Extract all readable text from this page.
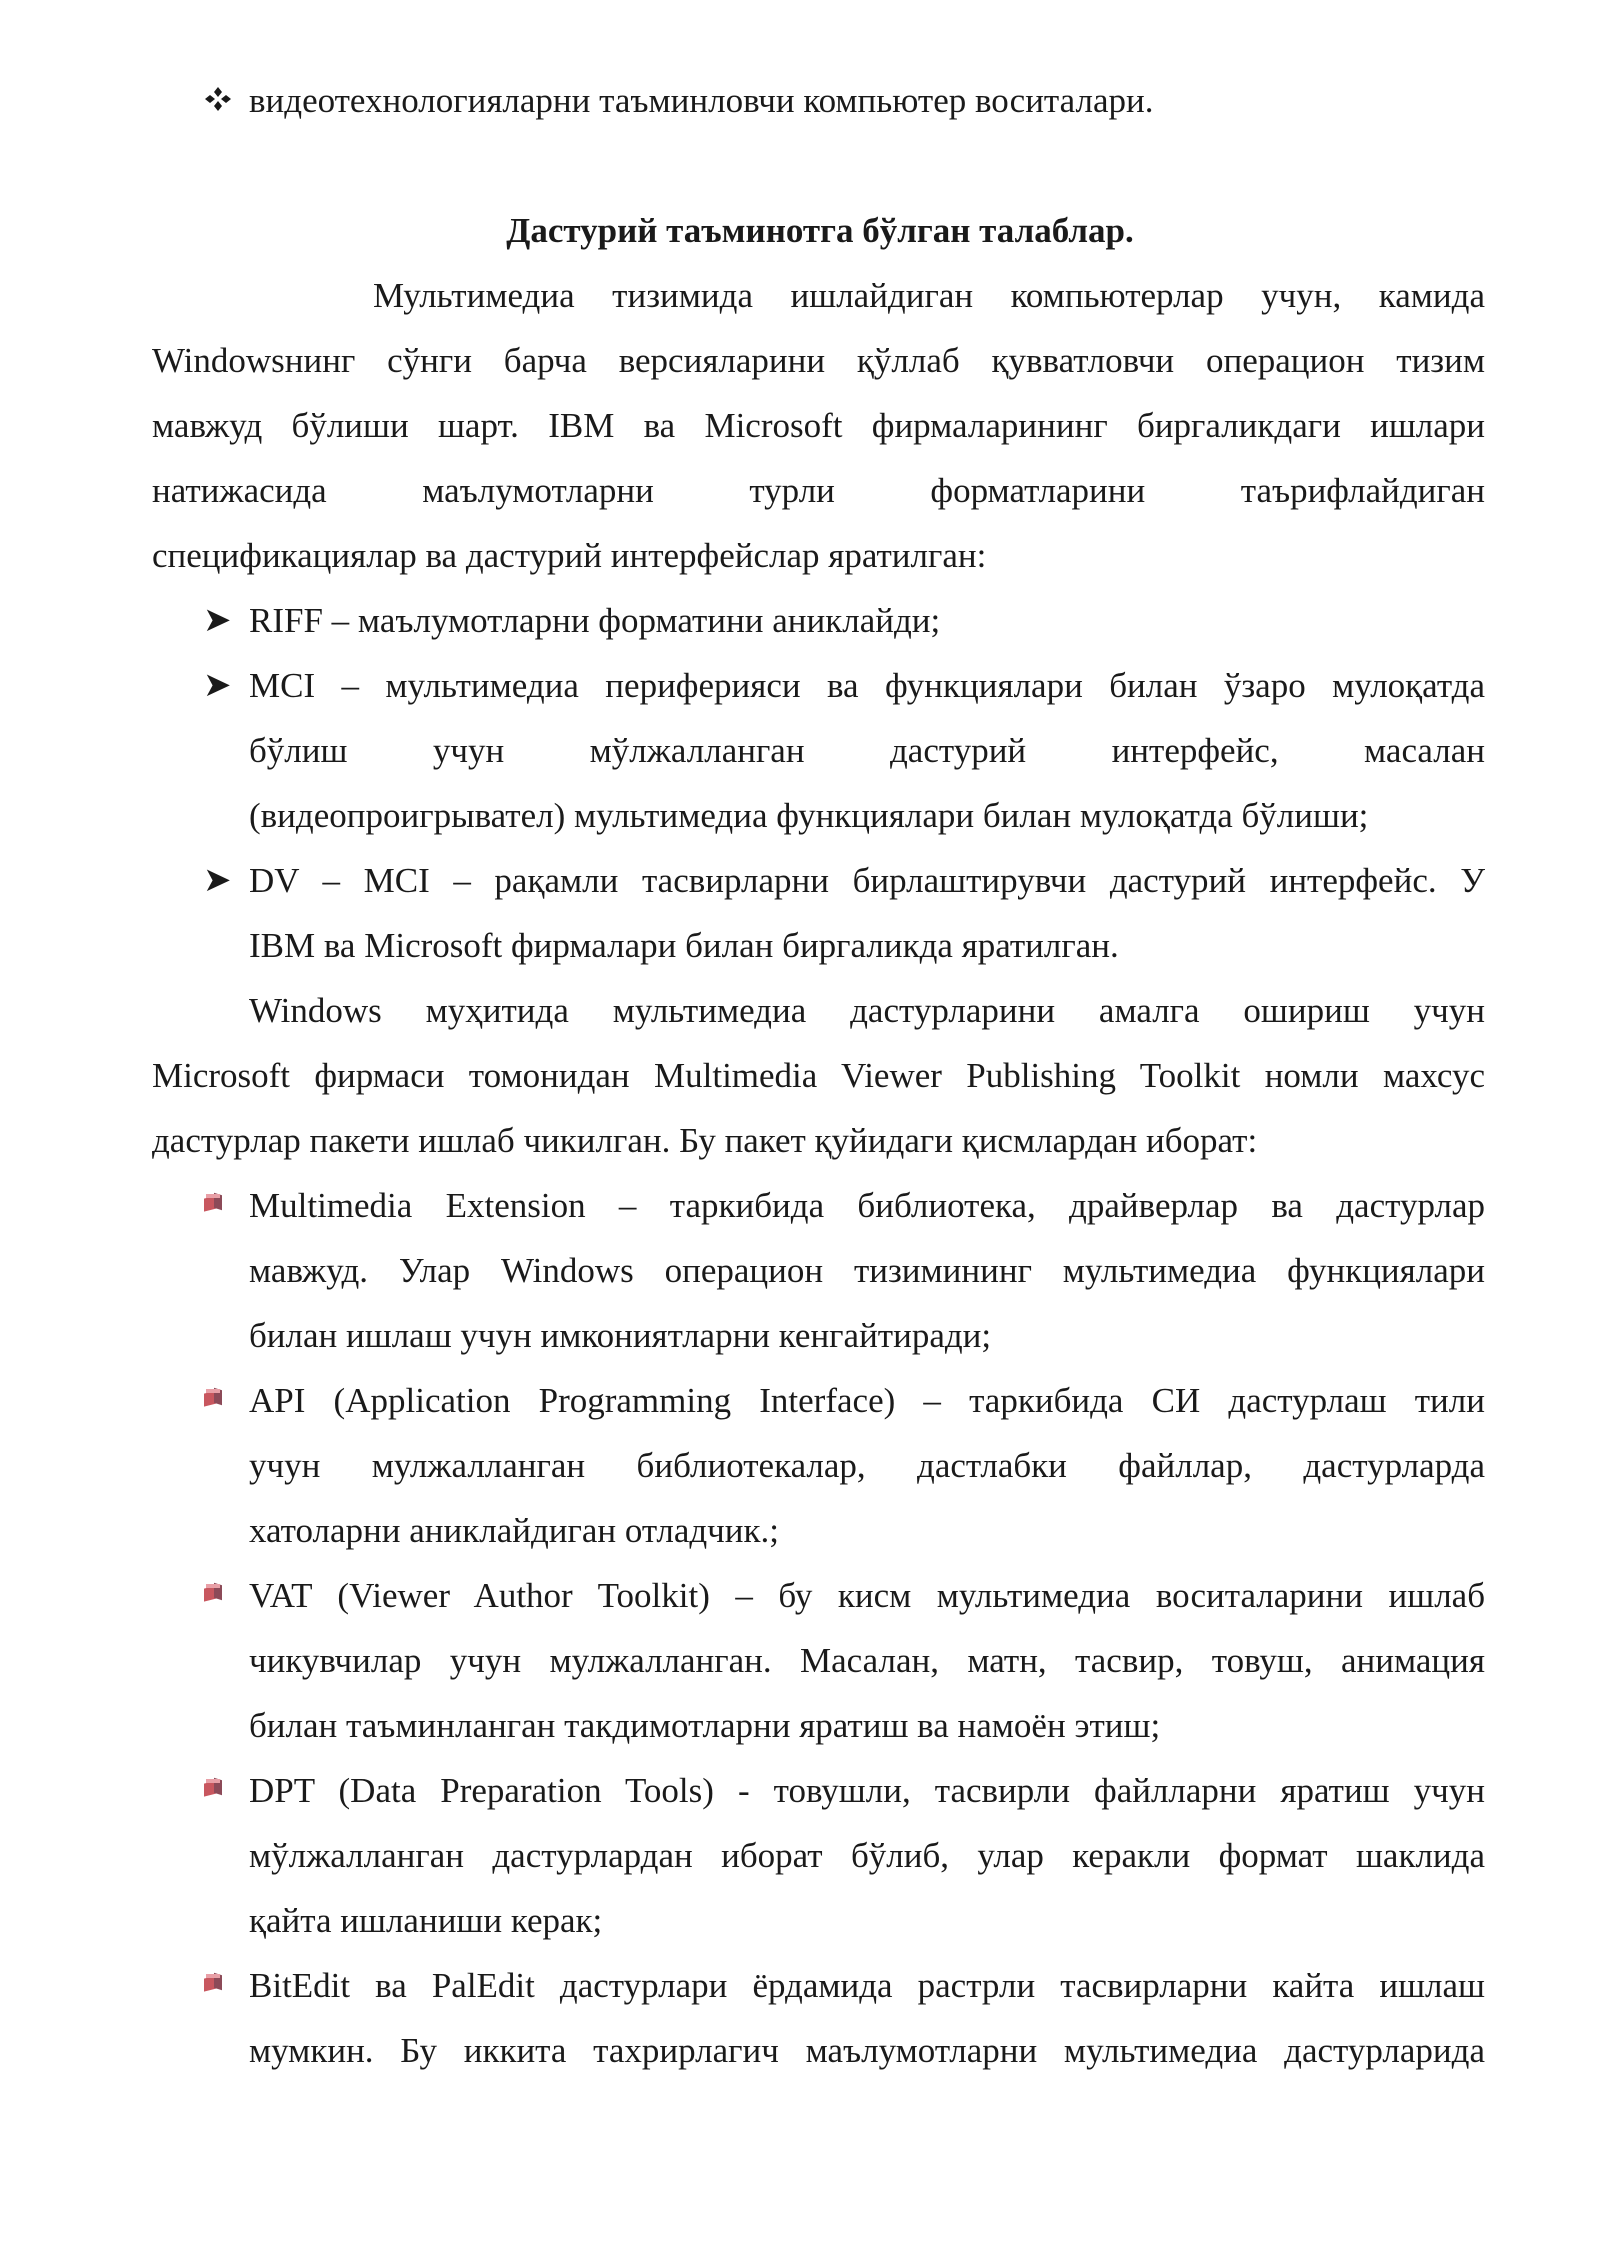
видеотехнологияларни таъминловчи компьютер воситалари.
Дастурий таъминотга бўлган талаблар.
Мультимедиа тизимида ишлайдиган компьютерлар учун, камида
Windowsнинг сўнги барча версияларини қўллаб қувватловчи операцион тизим
мавжуд бўлиши шарт. IBM ва Microsoft фирмаларининг биргаликдаги ишлари
натижасида маълумотларни турли форматларини таърифлайдиган
спецификациялар ва дастурий интерфейслар яратилган:
➤ RIFF – маълумотларни форматини аниклайди;
➤ MCI – мультимедиа периферияси ва функциялари билан ўзаро мулоқатда
бўлиш учун мўлжалланган дастурий интерфейс, масалан
(видеопроигрывател) мультимедиа функциялари билан мулоқатда бўлиши;
➤ DV – MCI – рақамли тасвирларни бирлаштирувчи дастурий интерфейс. У
IBM ва Microsoft фирмалари билан биргаликда яратилган.
Windows муҳитида мультимедиа дастурларини амалга ошириш учун
Microsoft фирмаси томонидан Multimedia Viewer Publishing Toolkit номли махсус
дастурлар пакети ишлаб чикилган. Бу пакет қуйидаги қисмлардан иборат:
Multimedia Extension – таркибида библиотека, драйверлар ва дастурлар
мавжуд. Улар Windows операцион тизимининг мультимедиа функциялари
билан ишлаш учун имкониятларни кенгайтиради;
API (Application Programming Interface) – таркибида СИ дастурлаш тили
учун мулжалланган библиотекалар, дастлабки файллар, дастурларда
хатоларни аниклайдиган отладчик.;
VAT (Viewer Author Toolkit) – бу кисм мультимедиа воситаларини ишлаб
чикувчилар учун мулжалланган. Масалан, матн, тасвир, товуш, анимация
билан таъминланган такдимотларни яратиш ва намоён этиш;
DPT (Data Preparation Tools) - товушли, тасвирли файлларни яратиш учун
мўлжалланган дастурлардан иборат бўлиб, улар керакли формат шаклида
қайта ишланиши керак;
BitEdit ва PalEdit дастурлари ёрдамида растрли тасвирларни кайта ишлаш
мумкин. Бу иккита тахрирлагич маълумотларни мультимедиа дастурларида
